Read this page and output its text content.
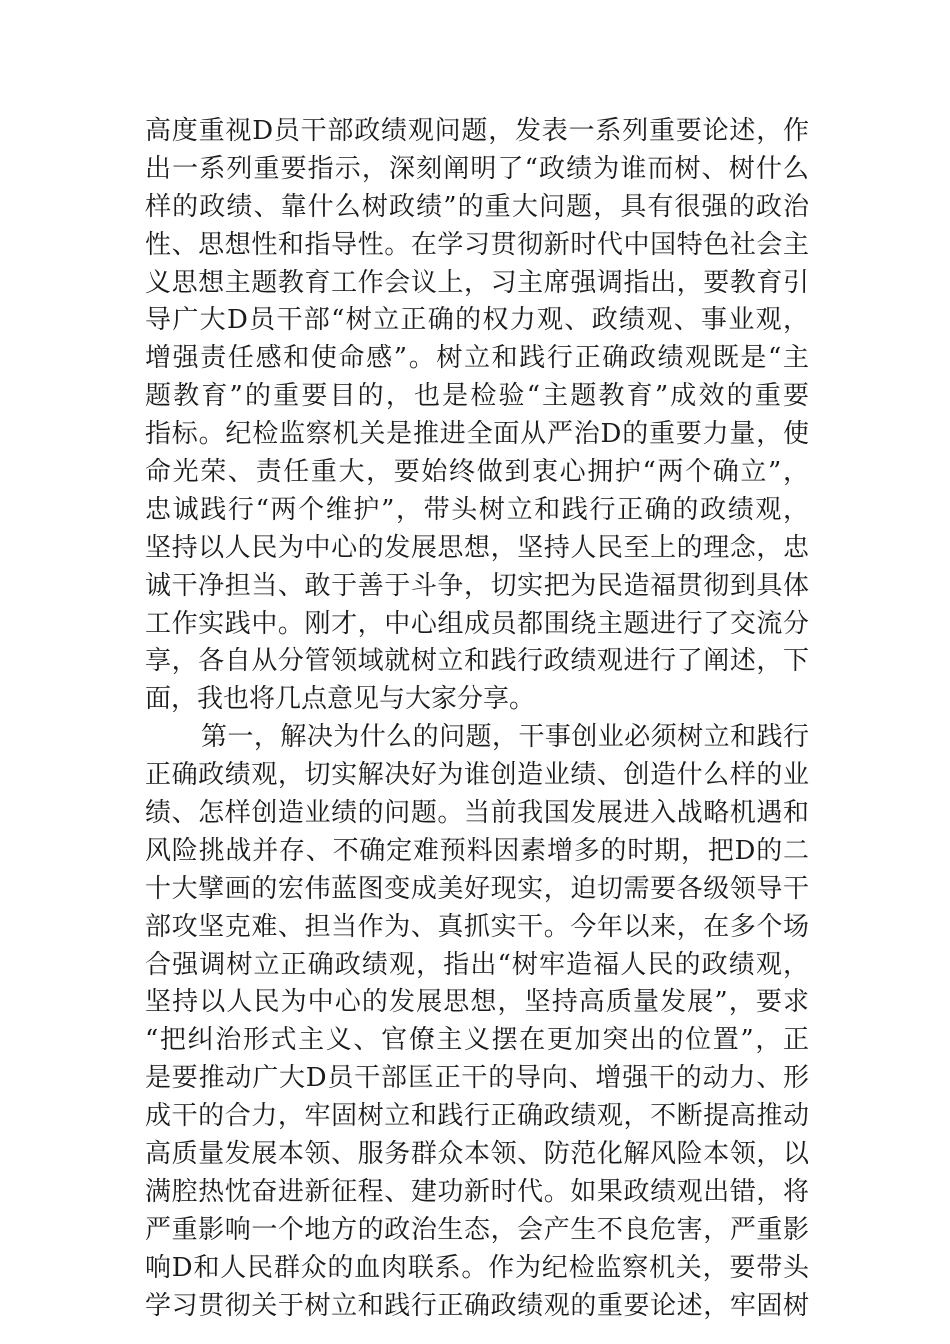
高度重视D员干部政绩观问题，发表一系列重要论述，作
出一系列重要指示，深刻阐明了“政绩为谁而树、树什么
样的政绩、靠什么树政绩”的重大问题，具有很强的政治
性、思想性和指导性。在学习贯彻新时代中国特色社会主
义思想主题教育工作会议上，习主席强调指出，要教育引
导广大D员干部“树立正确的权力观、政绩观、事业观，
增强责任感和使命感”。树立和践行正确政绩观既是“主
题教育”的重要目的，也是检验“主题教育”成效的重要
指标。纪检监察机关是推进全面从严治D的重要力量，使
命光荣、责任重大，要始终做到衷心拥护“两个确立”，
忠诚践行“两个维护”，带头树立和践行正确的政绩观，
坚持以人民为中心的发展思想，坚持人民至上的理念，忠
诚干净担当、敢于善于斗争，切实把为民造福贯彻到具体
工作实践中。刚才，中心组成员都围绕主题进行了交流分
享，各自从分管领域就树立和践行政绩观进行了阐述，下
面，我也将几点意见与大家分享。
第一，解决为什么的问题，干事创业必须树立和践行
正确政绩观，切实解决好为谁创造业绩、创造什么样的业
绩、怎样创造业绩的问题。当前我国发展进入战略机遇和
风险挑战并存、不确定难预料因素增多的时期，把D的二
十大擘画的宏伟蓝图变成美好现实，迫切需要各级领导干
部攻坚克难、担当作为、真抓实干。今年以来，在多个场
合强调树立正确政绩观，指出“树牢造福人民的政绩观，
坚持以人民为中心的发展思想，坚持高质量发展”，要求
“把纠治形式主义、官僚主义摆在更加突出的位置”，正
是要推动广大D员干部匡正干的导向、增强干的动力、形
成干的合力，牢固树立和践行正确政绩观，不断提高推动
高质量发展本领、服务群众本领、防范化解风险本领，以
满腔热忱奋进新征程、建功新时代。如果政绩观出错，将
严重影响一个地方的政治生态，会产生不良危害，严重影
响D和人民群众的血肉联系。作为纪检监察机关，要带头
学习贯彻关于树立和践行正确政绩观的重要论述，牢固树
